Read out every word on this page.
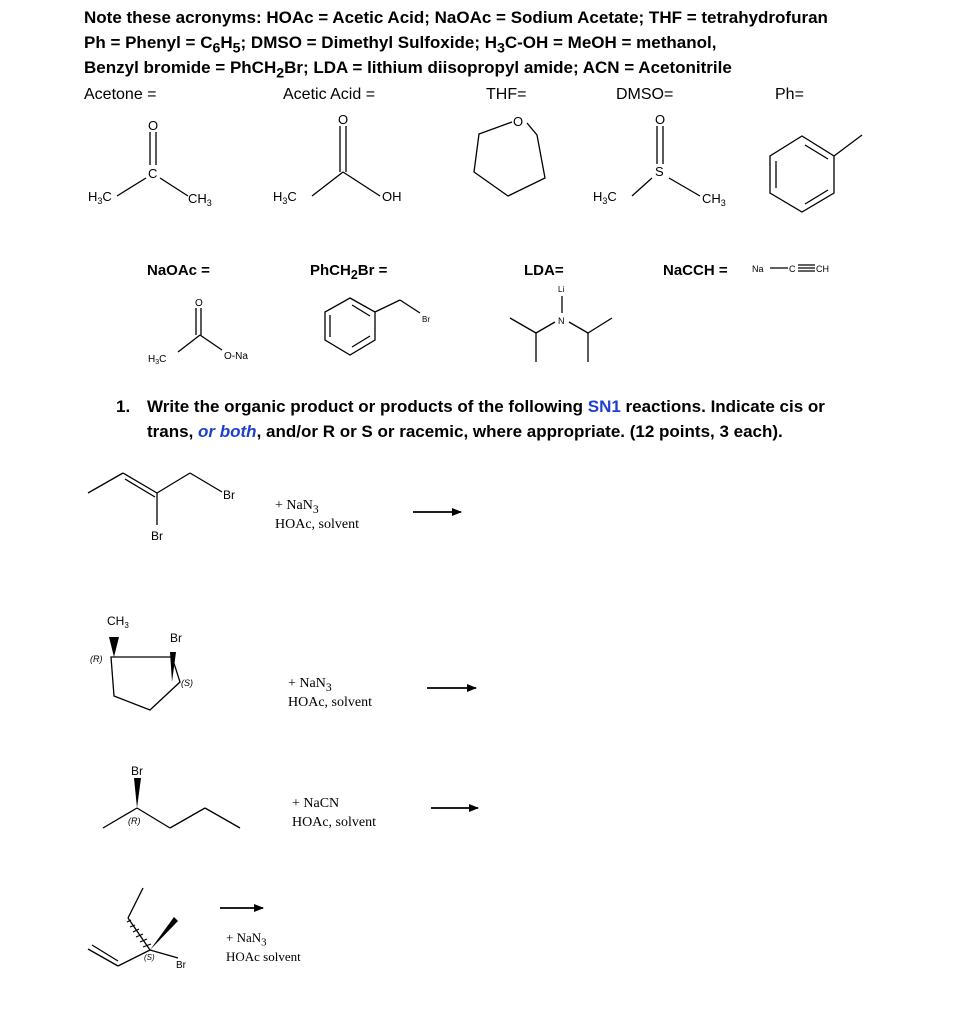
Note these acronyms: HOAc = Acetic Acid; NaOAc = Sodium Acetate; THF = tetrahydrofuran
Ph = Phenyl = $C_6H_5$; DMSO = Dimethyl Sulfoxide; $H_3C-OH$ = MeOH = methanol,
Benzyl bromide = PhCH$_2$Br; LDA = lithium diisopropyl amide; ACN = Acetonitrile
Acetone =	Acetic Acid =	THF=	DMSO=	Ph=
NaOAc =	PhCH$_2$Br =	LDA=	NaCCH =
1. Write the organic product or products of the following SN1 reactions. Indicate cis or
trans, or both, and/or R or S or racemic, where appropriate. (12 points, 3 each).
+ NaN$_3$
HOAc, solvent
+ NaN$_3$
HOAc, solvent
+ NaCN
HOAc, solvent
+ NaN$_3$
HOAc solvent
O
C
$H_3C$	$CH_3$
O
$H_3C$	OH
O	O
S
$H_3C$	$CH_3$
O
$H_3C$	O-Na
Br
Li
N
Na	C CH
Br
Br
$CH_3$
Br
(R)
(S)
Br
(R)
Br
(S)
